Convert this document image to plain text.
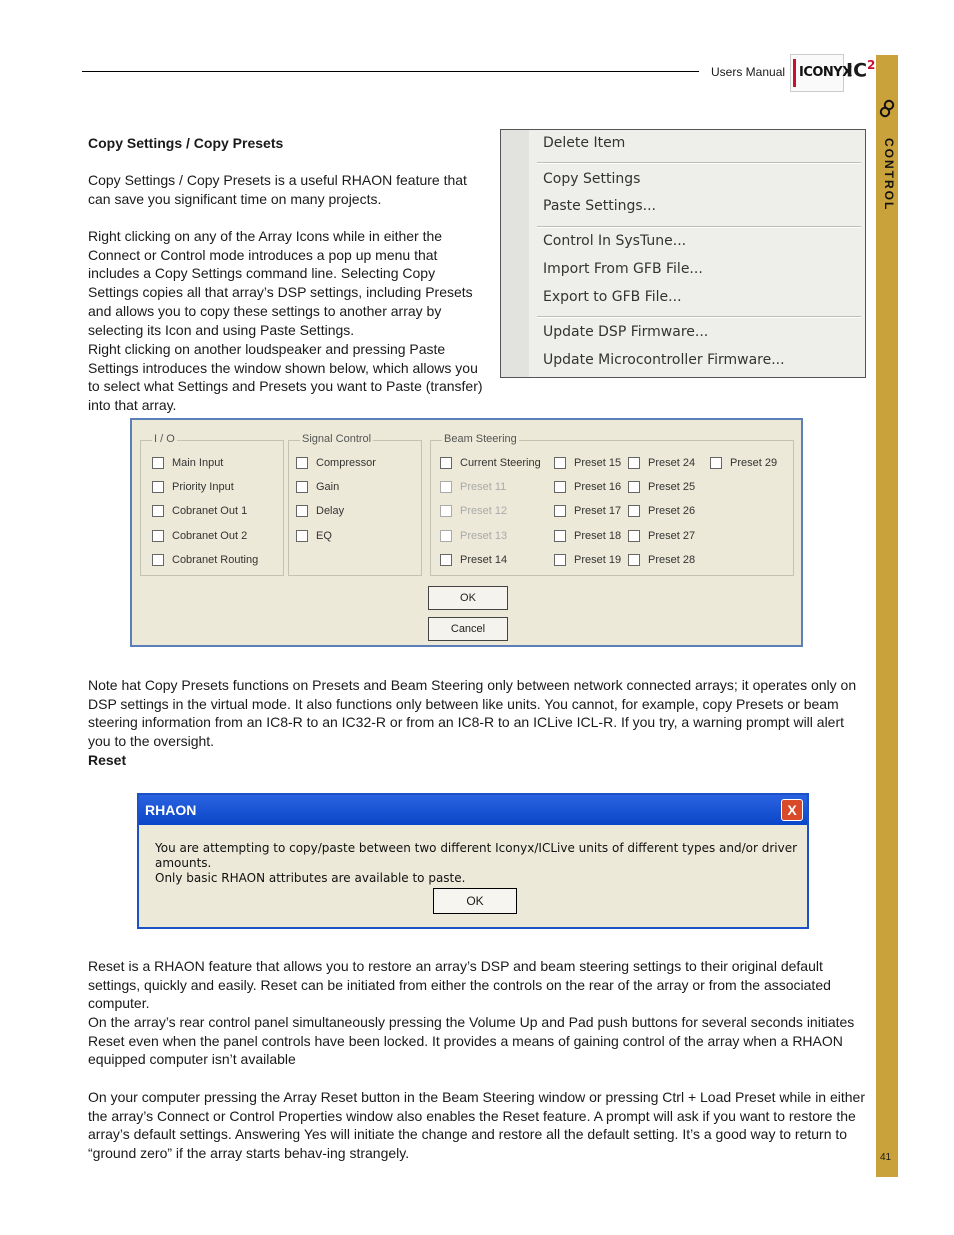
Users Manual ICONYX
$IC^2$
CONTROL
41
Copy Settings / Copy Presets
Copy Settings / Copy Presets is a useful RHAON feature that can save you significant time on many projects.
Right clicking on any of the Array Icons while in either the Connect or Control mode introduces a pop up menu that includes a Copy Settings command line. Selecting Copy Settings copies all that array’s DSP settings, including Presets and allows you to copy these settings to another array by selecting its Icon and using Paste Settings.
Right clicking on another loudspeaker and pressing Paste Settings introduces the window shown below, which allows you to select what Settings and Presets you want to Paste (transfer) into that array.
Delete Item
Copy Settings
Paste Settings...
Control In SysTune...
Import From GFB File...
Export to GFB File...
Update DSP Firmware...
Update Microcontroller Firmware...
I / O
Main Input
Priority Input
Cobranet Out 1
Cobranet Out 2
Cobranet Routing
Signal Control
Compressor
Gain
Delay
EQ
Beam Steering
Current Steering
Preset 11
Preset 12
Preset 13
Preset 14
Preset 15
Preset 16
Preset 17
Preset 18
Preset 19
Preset 24
Preset 25
Preset 26
Preset 27
Preset 28
Preset 29
OK
Cancel
Note hat Copy Presets functions on Presets and Beam Steering only between network connected arrays; it operates only on DSP settings in the virtual mode. It also functions only between like units. You cannot, for example, copy Presets or beam steering information from an IC8-R to an IC32-R or from an IC8-R to an ICLive ICL-R. If you try, a warning prompt will alert you to the oversight.
Reset
RHAON	X
You are attempting to copy/paste between two different Iconyx/ICLive units of different types and/or driver amounts.
Only basic RHAON attributes are available to paste.
OK
Reset is a RHAON feature that allows you to restore an array’s DSP and beam steering settings to their original default settings, quickly and easily. Reset can be initiated from either the controls on the rear of the array or from the associated computer.
On the array’s rear control panel simultaneously pressing the Volume Up and Pad push buttons for several seconds initiates Reset even when the panel controls have been locked. It provides a means of gaining control of the array when a RHAON equipped computer isn’t available
On your computer pressing the Array Reset button in the Beam Steering window or pressing Ctrl + Load Preset while in either the array’s Connect or Control Properties window also enables the Reset feature. A prompt will ask if you want to restore the array’s default settings. Answering Yes will initiate the change and restore all the default setting. It’s a good way to return to “ground zero” if the array starts behav-ing strangely.
